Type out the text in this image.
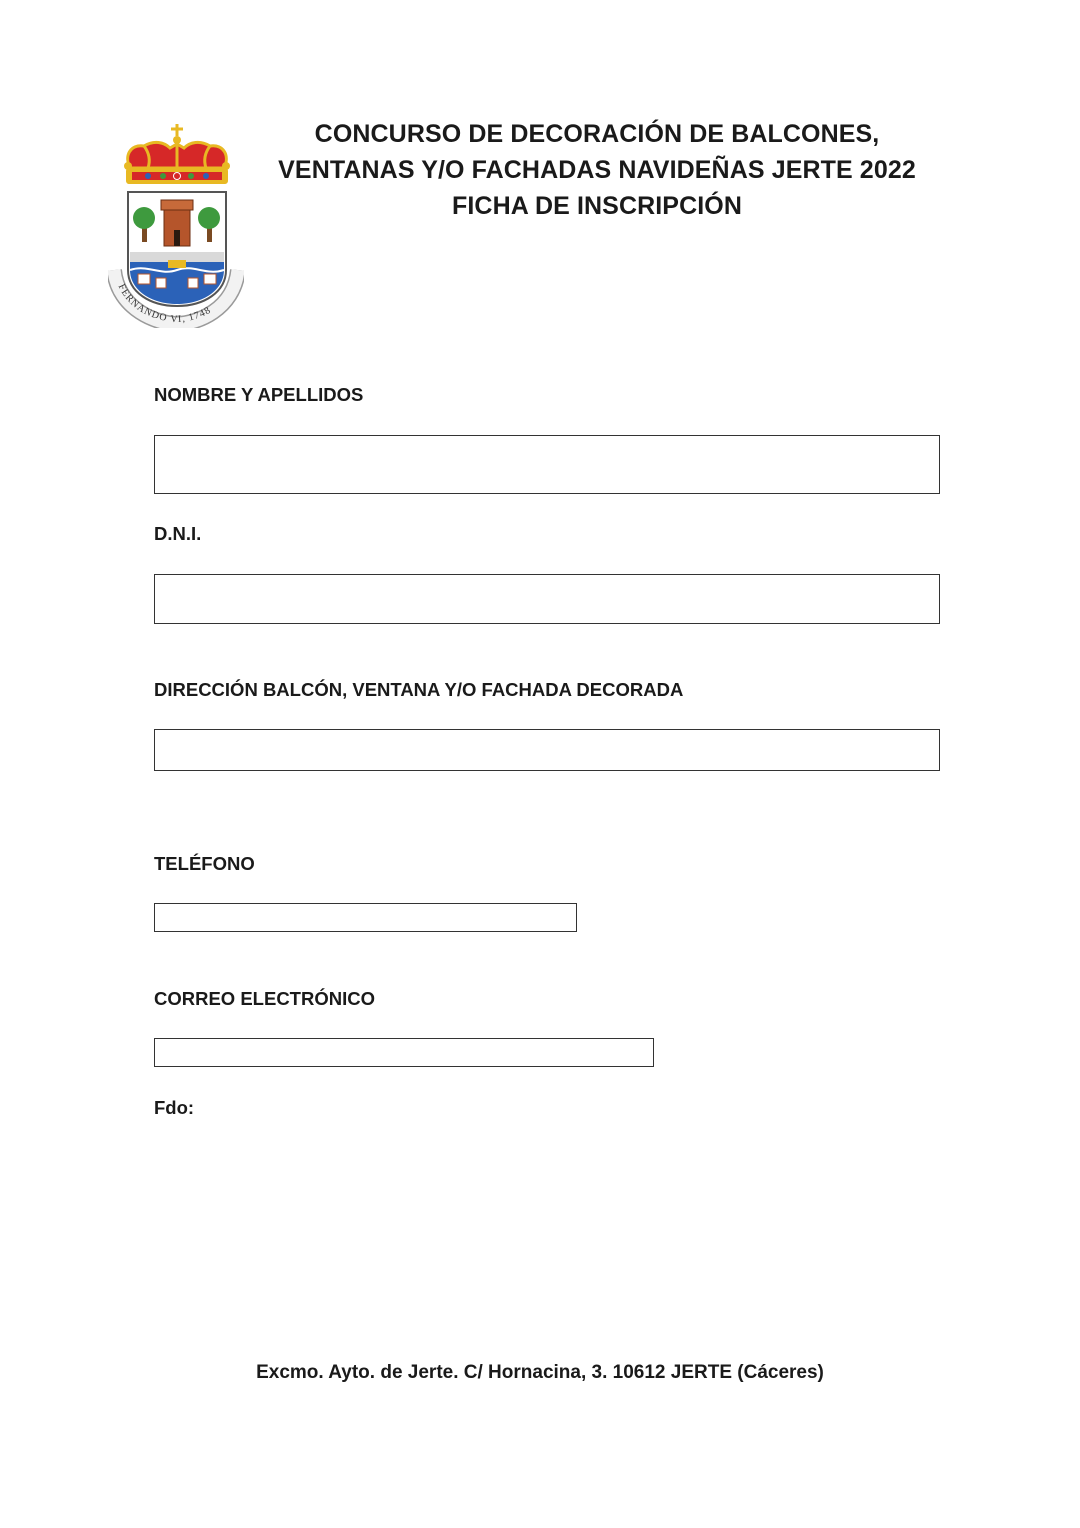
FERNANDO VI, 1748
CONCURSO DE DECORACIÓN DE BALCONES,
VENTANAS Y/O FACHADAS NAVIDEÑAS JERTE 2022
FICHA DE INSCRIPCIÓN
NOMBRE Y APELLIDOS
D.N.I.
DIRECCIÓN BALCÓN, VENTANA Y/O FACHADA DECORADA
TELÉFONO
CORREO ELECTRÓNICO
Fdo:
Excmo. Ayto. de Jerte. C/ Hornacina, 3. 10612 JERTE (Cáceres)
